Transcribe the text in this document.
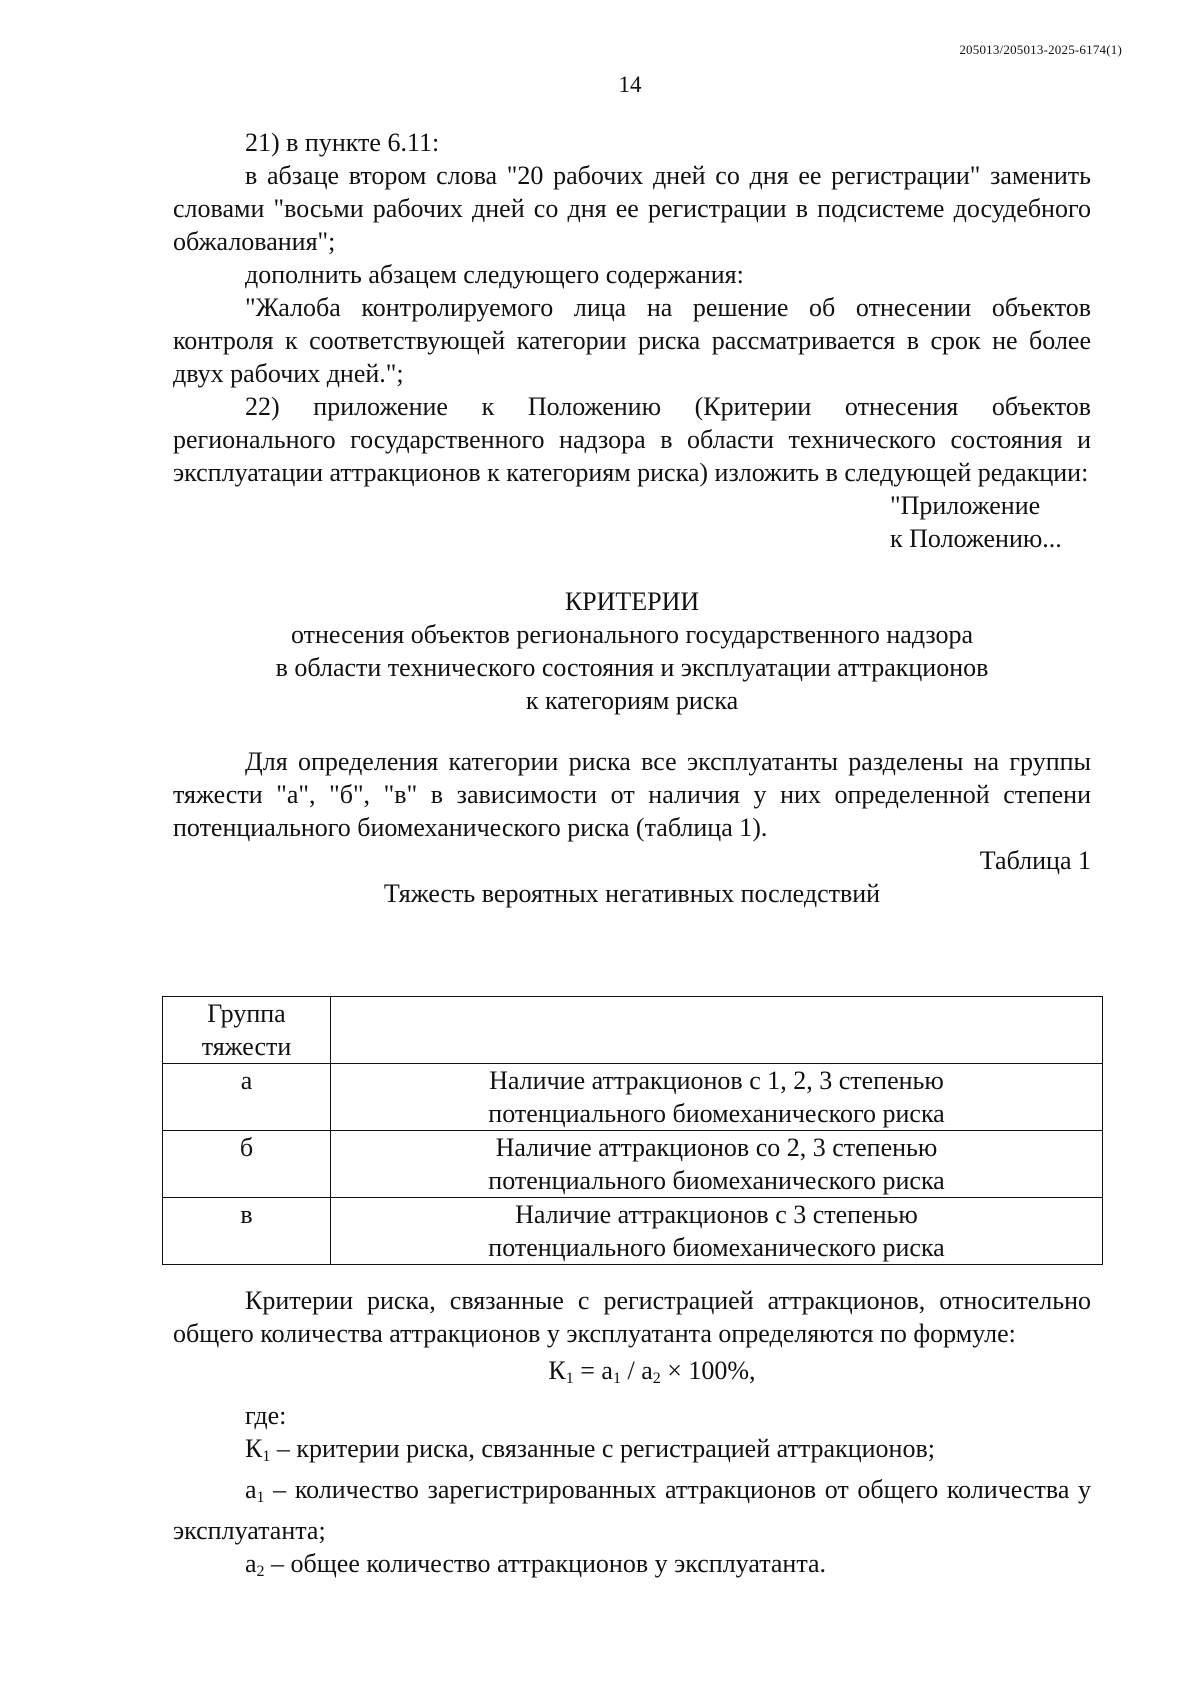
205013/205013-2025-6174(1)
14

21) в пункте 6.11:

в абзаце втором слова "20 рабочих дней со дня ее регистрации" заменить словами "восьми рабочих дней со дня ее регистрации в подсистеме досудебного обжалования";

дополнить абзацем следующего содержания:

"Жалоба контролируемого лица на решение об отнесении объектов контроля к соответствующей категории риска рассматривается в срок не более двух рабочих дней.";

22) приложение к Положению (Критерии отнесения объектов регионального государственного надзора в области технического состояния и эксплуатации аттракционов к категориям риска) изложить в следующей редакции:

"Приложение
к Положению...

КРИТЕРИИ

отнесения объектов регионального государственного надзора

в области технического состояния и эксплуатации аттракционов

к категориям риска

Для определения категории риска все эксплуатанты разделены на группы тяжести "а", "б", "в" в зависимости от наличия у них определенной степени потенциального биомеханического риска (таблица 1).

Таблица 1

Тяжесть вероятных негативных последствий

Группа тяжести	
а	Наличие аттракционов с 1, 2, 3 степенью
потенциального биомеханического риска

б	Наличие аттракционов со 2, 3 степенью
потенциального биомеханического риска

в	Наличие аттракционов с 3 степенью
потенциального биомеханического риска

Критерии риска, связанные с регистрацией аттракционов, относительно общего количества аттракционов у эксплуатанта определяются по формуле:

$К_1 = а_1 / а_2 \times 100\%$,

где:

$К_1$ – критерии риска, связанные с регистрацией аттракционов;

$а_1$ – количество зарегистрированных аттракционов от общего количества у эксплуатанта;

$а_2$ – общее количество аттракционов у эксплуатанта.
